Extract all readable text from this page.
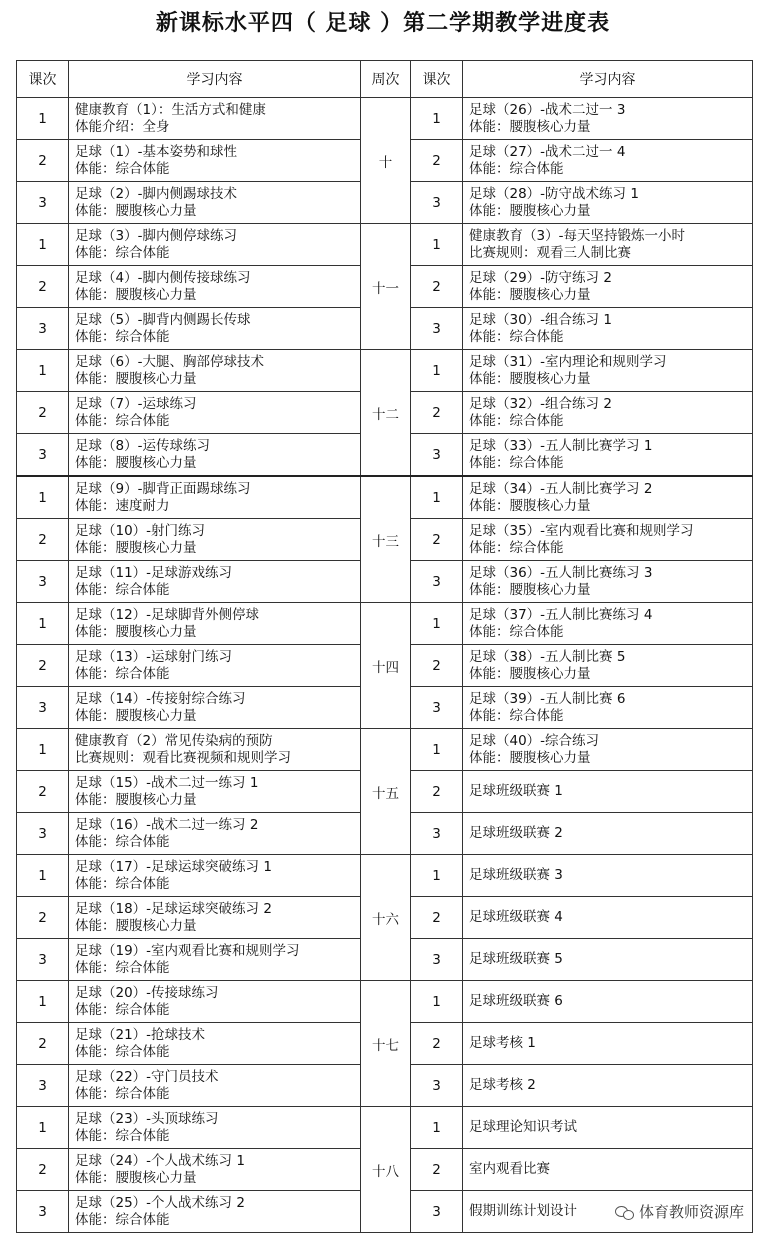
新课标水平四（ 足球 ）第二学期教学进度表
课次	学习内容	周次	课次	学习内容

1	健康教育（1）：生活方式和健康
体能介绍：全身	十	1	足球（26）-战术二过一 3
体能：腰腹核心力量

2	足球（1）-基本姿势和球性
体能：综合体能		2	足球（27）-战术二过一 4
体能：综合体能

3	足球（2）-脚内侧踢球技术
体能：腰腹核心力量		3	足球（28）-防守战术练习 1
体能：腰腹核心力量

1	足球（3）-脚内侧停球练习
体能：综合体能	十一	1	健康教育（3）-每天坚持锻炼一小时
比赛规则：观看三人制比赛

2	足球（4）-脚内侧传接球练习
体能：腰腹核心力量		2	足球（29）-防守练习 2
体能：腰腹核心力量

3	足球（5）-脚背内侧踢长传球
体能：综合体能		3	足球（30）-组合练习 1
体能：综合体能

1	足球（6）-大腿、胸部停球技术
体能：腰腹核心力量	十二	1	足球（31）-室内理论和规则学习
体能：腰腹核心力量

2	足球（7）-运球练习
体能：综合体能		2	足球（32）-组合练习 2
体能：综合体能

3	足球（8）-运传球练习
体能：腰腹核心力量		3	足球（33）-五人制比赛学习 1
体能：综合体能

1	足球（9）-脚背正面踢球练习
体能：速度耐力	十三	1	足球（34）-五人制比赛学习 2
体能：腰腹核心力量

2	足球（10）-射门练习
体能：腰腹核心力量		2	足球（35）-室内观看比赛和规则学习
体能：综合体能

3	足球（11）-足球游戏练习
体能：综合体能		3	足球（36）-五人制比赛练习 3
体能：腰腹核心力量

1	足球（12）-足球脚背外侧停球
体能：腰腹核心力量	十四	1	足球（37）-五人制比赛练习 4
体能：综合体能

2	足球（13）-运球射门练习
体能：综合体能		2	足球（38）-五人制比赛 5
体能：腰腹核心力量

3	足球（14）-传接射综合练习
体能：腰腹核心力量		3	足球（39）-五人制比赛 6
体能：综合体能

1	健康教育（2）常见传染病的预防
比赛规则：观看比赛视频和规则学习	十五	1	足球（40）-综合练习
体能：腰腹核心力量

2	足球（15）-战术二过一练习 1
体能：腰腹核心力量		2	足球班级联赛 1

3	足球（16）-战术二过一练习 2
体能：综合体能		3	足球班级联赛 2

1	足球（17）-足球运球突破练习 1
体能：综合体能	十六	1	足球班级联赛 3

2	足球（18）-足球运球突破练习 2
体能：腰腹核心力量		2	足球班级联赛 4

3	足球（19）-室内观看比赛和规则学习
体能：综合体能		3	足球班级联赛 5

1	足球（20）-传接球练习
体能：综合体能	十七	1	足球班级联赛 6

2	足球（21）-抢球技术
体能：综合体能		2	足球考核 1

3	足球（22）-守门员技术
体能：综合体能		3	足球考核 2

1	足球（23）-头顶球练习
体能：综合体能	十八	1	足球理论知识考试

2	足球（24）-个人战术练习 1
体能：腰腹核心力量		2	室内观看比赛

3	足球（25）-个人战术练习 2
体能：综合体能		3	假期训练计划设计	体育教师资源库
